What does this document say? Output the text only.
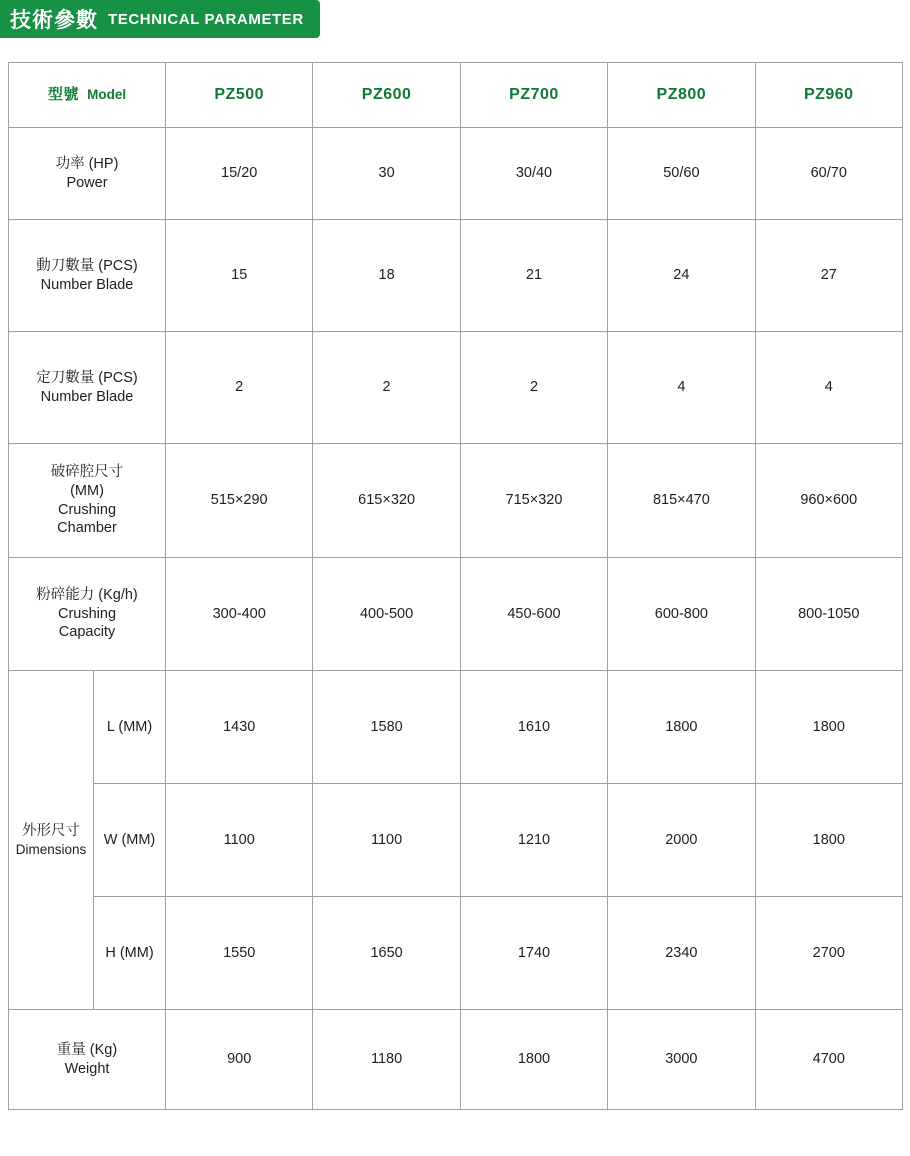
技術參數 TECHNICAL PARAMETER
型號 Model		PZ500	PZ600	PZ700	PZ800	PZ960

功率 (HP)
Power		15/20	30	30/40	50/60	60/70

動刀數量 (PCS)
Number Blade		15	18	21	24	27

定刀數量 (PCS)
Number Blade		2	2	2	4	4

破碎腔尺寸
(MM)
Crushing
Chamber		515×290	615×320	715×320	815×470	960×600

粉碎能力 (Kg/h)
Crushing
Capacity		300-400	400-500	450-600	600-800	800-1050

外形尺寸
Dimensions	L (MM)	1430	1580	1610	1800	1800
	W (MM)	1100	1100	1210	2000	1800
	H (MM)	1550	1650	1740	2340	2700

重量 (Kg)
Weight		900	1180	1800	3000	4700
